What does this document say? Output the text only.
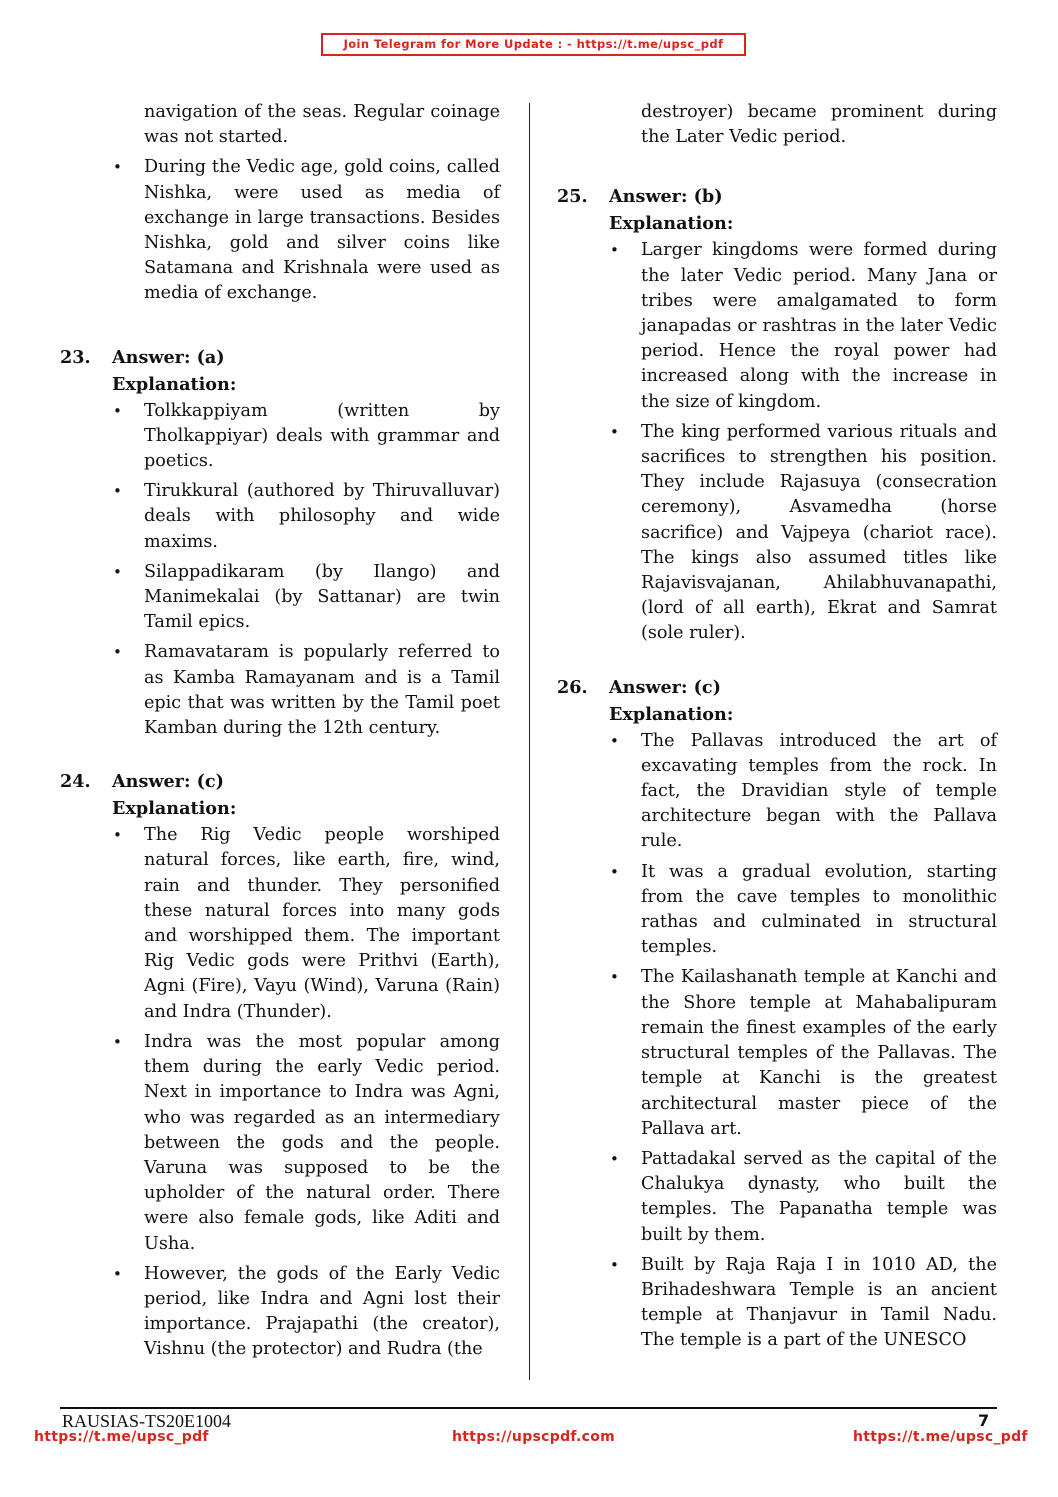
Join Telegram for More Update : - https://t.me/upsc_pdf

navigation of the seas. Regular coinage was not started.

• During the Vedic age, gold coins, called Nishka, were used as media of exchange in large transactions. Besides Nishka, gold and silver coins like Satamana and Krishnala were used as media of exchange.
23.	Answer: (a)
Explanation:
• Tolkkappiyam (written by Tholkappiyar) deals with grammar and poetics.
• Tirukkural (authored by Thiruvalluvar) deals with philosophy and wide maxims.
• Silappadikaram (by Ilango) and Manimekalai (by Sattanar) are twin Tamil epics.
• Ramavataram is popularly referred to as Kamba Ramayanam and is a Tamil epic that was written by the Tamil poet Kamban during the 12th century.
24.	Answer: (c)
Explanation:
• The Rig Vedic people worshiped natural forces, like earth, fire, wind, rain and thunder. They personified these natural forces into many gods and worshipped them. The important Rig Vedic gods were Prithvi (Earth), Agni (Fire), Vayu (Wind), Varuna (Rain) and Indra (Thunder).
• Indra was the most popular among them during the early Vedic period. Next in importance to Indra was Agni, who was regarded as an intermediary between the gods and the people. Varuna was supposed to be the upholder of the natural order. There were also female gods, like Aditi and Usha.
• However, the gods of the Early Vedic period, like Indra and Agni lost their importance. Prajapathi (the creator), Vishnu (the protector) and Rudra (the

destroyer) became prominent during the Later Vedic period.

25.	Answer: (b)
Explanation:
• Larger kingdoms were formed during the later Vedic period. Many Jana or tribes were amalgamated to form janapadas or rashtras in the later Vedic period. Hence the royal power had increased along with the increase in the size of kingdom.
• The king performed various rituals and sacrifices to strengthen his position. They include Rajasuya (consecration ceremony), Asvamedha (horse sacrifice) and Vajpeya (chariot race). The kings also assumed titles like Rajavisvajanan, Ahilabhuvanapathi, (lord of all earth), Ekrat and Samrat (sole ruler).
26.	Answer: (c)
Explanation:
• The Pallavas introduced the art of excavating temples from the rock. In fact, the Dravidian style of temple architecture began with the Pallava rule.
• It was a gradual evolution, starting from the cave temples to monolithic rathas and culminated in structural temples.
• The Kailashanath temple at Kanchi and the Shore temple at Mahabalipuram remain the finest examples of the early structural temples of the Pallavas. The temple at Kanchi is the greatest architectural master piece of the Pallava art.
• Pattadakal served as the capital of the Chalukya dynasty, who built the temples. The Papanatha temple was built by them.
• Built by Raja Raja I in 1010 AD, the Brihadeshwara Temple is an ancient temple at Thanjavur in Tamil Nadu. The temple is a part of the UNESCO
RAUSIAS-TS20E1004	7
https://t.me/upsc_pdf	https://upscpdf.com	https://t.me/upsc_pdf
